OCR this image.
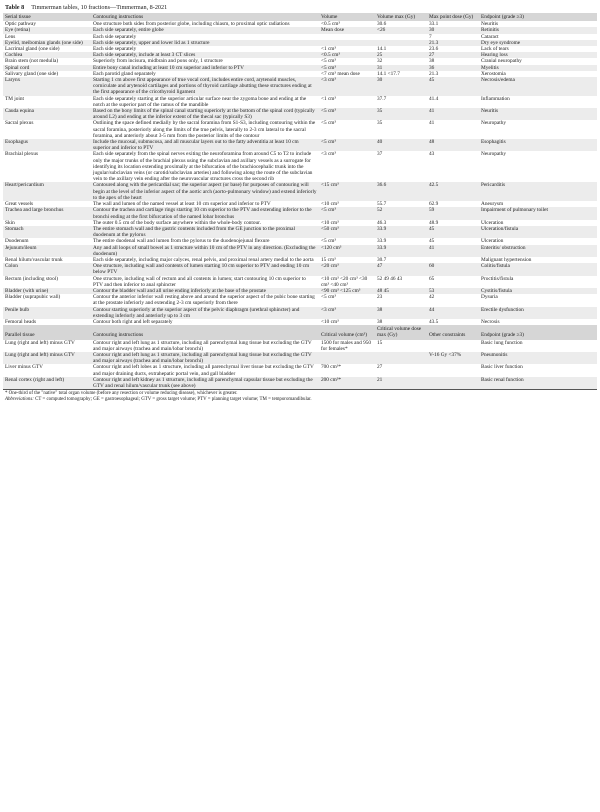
Table 8 Timmerman tables, 10 fractions—Timmerman, 8-2021
Serial tissue	Contouring instructions	Volume	Volume max (Gy)	Max point dose (Gy)	Endpoint (grade ≥3)
Optic pathway	One structure both sides from posterior globe, including chiasm, to proximal optic radiations	<0.5 cm³	30.6	33.1	Neuritis
Eye (retina)	Each side separately, entire globe	Mean dose	<26	30	Retinitis
Lens	Each side separately			7	Cataract
Eyelid, meibomian glands (one side)	Each side separately, upper and lower lid as 1 structure			21.3	Dry eye syndrome
Lacrimal gland (one side)	Each side separately	<1 cm³	14.1	23.6	Lack of tears
Cochlea	Each side separately, include at least 3 CT slices	<0.5 cm³	25	27	Hearing loss
Brain stem (not medulla)	Superiorly from incisura, midbrain and pons only, 1 structure	<5 cm³	32	38	Cranial neuropathy
Spinal cord	Entire bony canal including at least 10 cm superior and inferior to PTV	<5 cm³	31	36	Myelitis
Salivary gland (one side)	Each parotid gland separately	<7 cm³ mean dose	14.1 <17.7	21.3	Xerostomia
Larynx	Starting 1 cm above first appearance of true vocal cord, includes entire cord, arytenoid muscles, corniculate and arytenoid cartilages and portions of thyroid cartilage abutting these structures ending at the first appearance of the cricothyroid ligament	<3 cm³	30	45	Necrosis/edema
TM joint	Each side separately starting at the superior articular surface near the zygoma bone and ending at the notch at the superior part of the ramus of the mandible	<1 cm³	37.7	41.4	Inflammation
Cauda equina	Based on the bony limits of the spinal canal starting superiorly at the bottom of the spinal cord (typically around L2) and ending at the inferior extent of the thecal sac (typically S3)	<5 cm³	35	41	Neuritis
Sacral plexus	Outlining the space defined medially by the sacral foramina from S1-S3, including contouring within the sacral foramina, posteriorly along the limits of the true pelvis, laterally to 2-3 cm lateral to the sacral foramina, and anteriorly about 3-5 mm from the posterior limits of the contour	<5 cm³	35	41	Neuropathy
Esophagus	Include the mucosal, submucosa, and all muscular layers out to the fatty adventitia at least 10 cm superior and inferior to PTV	<5 cm³	40	48	Esophagitis
Brachial plexus	Each side separately from the spinal nerves exiting the neuroforamina from around C5 to T2 to include only the major trunks of the brachial plexus using the subclavian and axillary vessels as a surrogate for identifying its location extending proximally at the bifurcation of the brachiocephalic trunk into the jugular/subclavian veins (or carotid/subclavian arteries) and following along the route of the subclavian vein to the axillary vein ending after the neurovascular structures cross the second rib	<3 cm³	37	43	Neuropathy
Heart/pericardium	Contoured along with the pericardial sac; the superior aspect (or base) for purposes of contouring will begin at the level of the inferior aspect of the aortic arch (aorto-pulmonary window) and extend inferiorly to the apex of the heart	<15 cm³	36.6	42.5	Pericarditis
Great vessels	The wall and lumen of the named vessel at least 10 cm superior and inferior to PTV	<10 cm³	55.7	62.9	Aneurysm
Trachea and large bronchus	Contour the trachea and cartilage rings starting 10 cm superior to the PTV and extending inferior to the bronchi ending at the first bifurcation of the named lobar bronchus	<5 cm³	52	59	Impairment of pulmonary toilet
Skin	The outer 0.5 cm of the body surface anywhere within the whole-body contour.	<10 cm³	46.3	48.9	Ulceration
Stomach	The entire stomach wall and the gastric contents included from the GE junction to the proximal duodenum at the pylorus	<50 cm³	33.9	45	Ulceration/fistula
Duodenum	The entire duodenal wall and lumen from the pylorus to the duodenojejunal flexure	<5 cm³	33.9	45	Ulceration
Jejunum/ileum	Any and all loops of small bowel as 1 structure within 10 cm of the PTV in any direction. (Excluding the duodenum)	<120 cm³	33.9	41	Enteritis/ obstruction
Renal hilum/vascular trunk	Each side separately, including major calyces, renal pelvis, and proximal renal artery medial to the aorta	15 cm³	30.7		Malignant hypertension
Colon	One structure, including wall and contents of lumen starting 10 cm superior to PTV and ending 10 cm below PTV	<20 cm³	47	60	Colitis/fistula
Rectum (including stool)	One structure, including wall of rectum and all contents in lumen; start contouring 10 cm superior to PTV and then inferior to anal sphincter	<10 cm³ <20 cm³ <30 cm³ <40 cm³	52 49 46 43	65	Proctitis/fistula
Bladder (with urine)	Contour the bladder wall and all urine ending inferiorly at the base of the prostate	<90 cm³ <125 cm³	48 45	53	Cystitis/fistula
Bladder (suprapubic wall)	Contour the anterior inferior wall resting above and around the superior aspect of the pubic bone starting at the prostate inferiorly and extending 2-3 cm superiorly from there	<5 cm³	23	42	Dysuria
Penile bulb	Contour starting superiorly at the superior aspect of the pelvic diaphragm (urethral sphincter) and extending inferiorly and anteriorly up to 3 cm	<3 cm³	38	44	Erectile dysfunction
Femoral heads	Contour both right and left separately	<10 cm³	38	43.5	Necrosis
Parallel tissue	Contouring instructions	Critical volume (cm³)	Critical volume dose max (Gy)	Other constraints	Endpoint (grade ≥3)
Lung (right and left) minus GTV	Contour right and left lung as 1 structure, including all parenchymal lung tissue but excluding the GTV and major airways (trachea and main/lobar bronchi)	1500 for males and 950 for females*	15		Basic lung function
Lung (right and left) minus GTV	Contour right and left lung as 1 structure, including all parenchymal lung tissue but excluding the GTV and major airways (trachea and main/lobar bronchi)			V-16 Gy <37%	Pneumonitis
Liver minus GTV	Contour right and left lobes as 1 structure, including all parenchymal liver tissue but excluding the GTV and major draining ducts, extrahepatic portal vein, and gall bladder	700 cm³*	27		Basic liver function
Renal cortex (right and left)	Contour right and left kidney as 1 structure, including all parenchymal capsular tissue but excluding the GTV and renal hilum/vascular trunk (see above)	200 cm³*	21		Basic renal function
* One-third of the "native" total organ volume (before any resection or volume reducing disease), whichever is greater.
Abbreviations: CT = computed tomography; GE = gastroesophageal; GTV = gross target volume; PTV = planning target volume; TM = temporomandibular.
